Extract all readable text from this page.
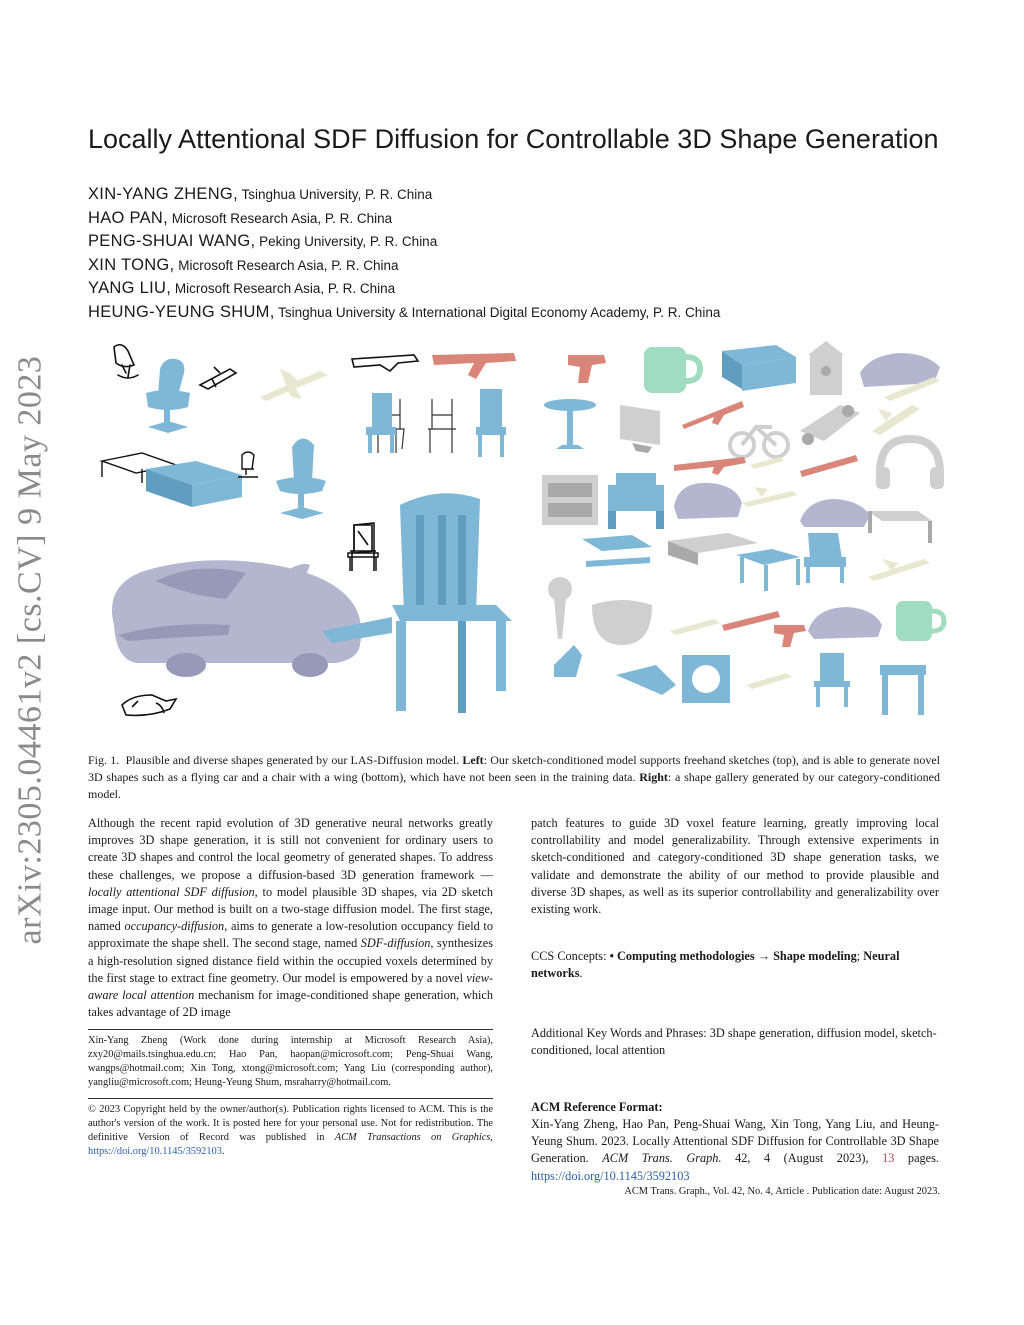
arXiv:2305.04461v2 [cs.CV] 9 May 2023
Locally Attentional SDF Diffusion for Controllable 3D Shape Generation
XIN-YANG ZHENG, Tsinghua University, P. R. China
HAO PAN, Microsoft Research Asia, P. R. China
PENG-SHUAI WANG, Peking University, P. R. China
XIN TONG, Microsoft Research Asia, P. R. China
YANG LIU, Microsoft Research Asia, P. R. China
HEUNG-YEUNG SHUM, Tsinghua University & International Digital Economy Academy, P. R. China
Fig. 1. Plausible and diverse shapes generated by our LAS-Diffusion model. Left: Our sketch-conditioned model supports freehand sketches (top), and is able to generate novel 3D shapes such as a flying car and a chair with a wing (bottom), which have not been seen in the training data. Right: a shape gallery generated by our category-conditioned model.

Although the recent rapid evolution of 3D generative neural networks greatly improves 3D shape generation, it is still not convenient for ordinary users to create 3D shapes and control the local geometry of generated shapes. To address these challenges, we propose a diffusion-based 3D generation framework — locally attentional SDF diffusion, to model plausible 3D shapes, via 2D sketch image input. Our method is built on a two-stage diffusion model. The first stage, named occupancy-diffusion, aims to generate a low-resolution occupancy field to approximate the shape shell. The second stage, named SDF-diffusion, synthesizes a high-resolution signed distance field within the occupied voxels determined by the first stage to extract fine geometry. Our model is empowered by a novel view-aware local attention mechanism for image-conditioned shape generation, which takes advantage of 2D image

Xin-Yang Zheng (Work done during internship at Microsoft Research Asia), zxy20@mails.tsinghua.edu.cn; Hao Pan, haopan@microsoft.com; Peng-Shuai Wang, wangps@hotmail.com; Xin Tong, xtong@microsoft.com; Yang Liu (corresponding author), yangliu@microsoft.com; Heung-Yeung Shum, msraharry@hotmail.com.
© 2023 Copyright held by the owner/author(s). Publication rights licensed to ACM. This is the author's version of the work. It is posted here for your personal use. Not for redistribution. The definitive Version of Record was published in ACM Transactions on Graphics, https://doi.org/10.1145/3592103.

patch features to guide 3D voxel feature learning, greatly improving local controllability and model generalizability. Through extensive experiments in sketch-conditioned and category-conditioned 3D shape generation tasks, we validate and demonstrate the ability of our method to provide plausible and diverse 3D shapes, as well as its superior controllability and generalizability over existing work.

CCS Concepts: • Computing methodologies → Shape modeling; Neural networks.
Additional Key Words and Phrases: 3D shape generation, diffusion model, sketch-conditioned, local attention
ACM Reference Format:
Xin-Yang Zheng, Hao Pan, Peng-Shuai Wang, Xin Tong, Yang Liu, and Heung-Yeung Shum. 2023. Locally Attentional SDF Diffusion for Controllable 3D Shape Generation. ACM Trans. Graph. 42, 4 (August 2023), 13 pages. https://doi.org/10.1145/3592103
ACM Trans. Graph., Vol. 42, No. 4, Article . Publication date: August 2023.
